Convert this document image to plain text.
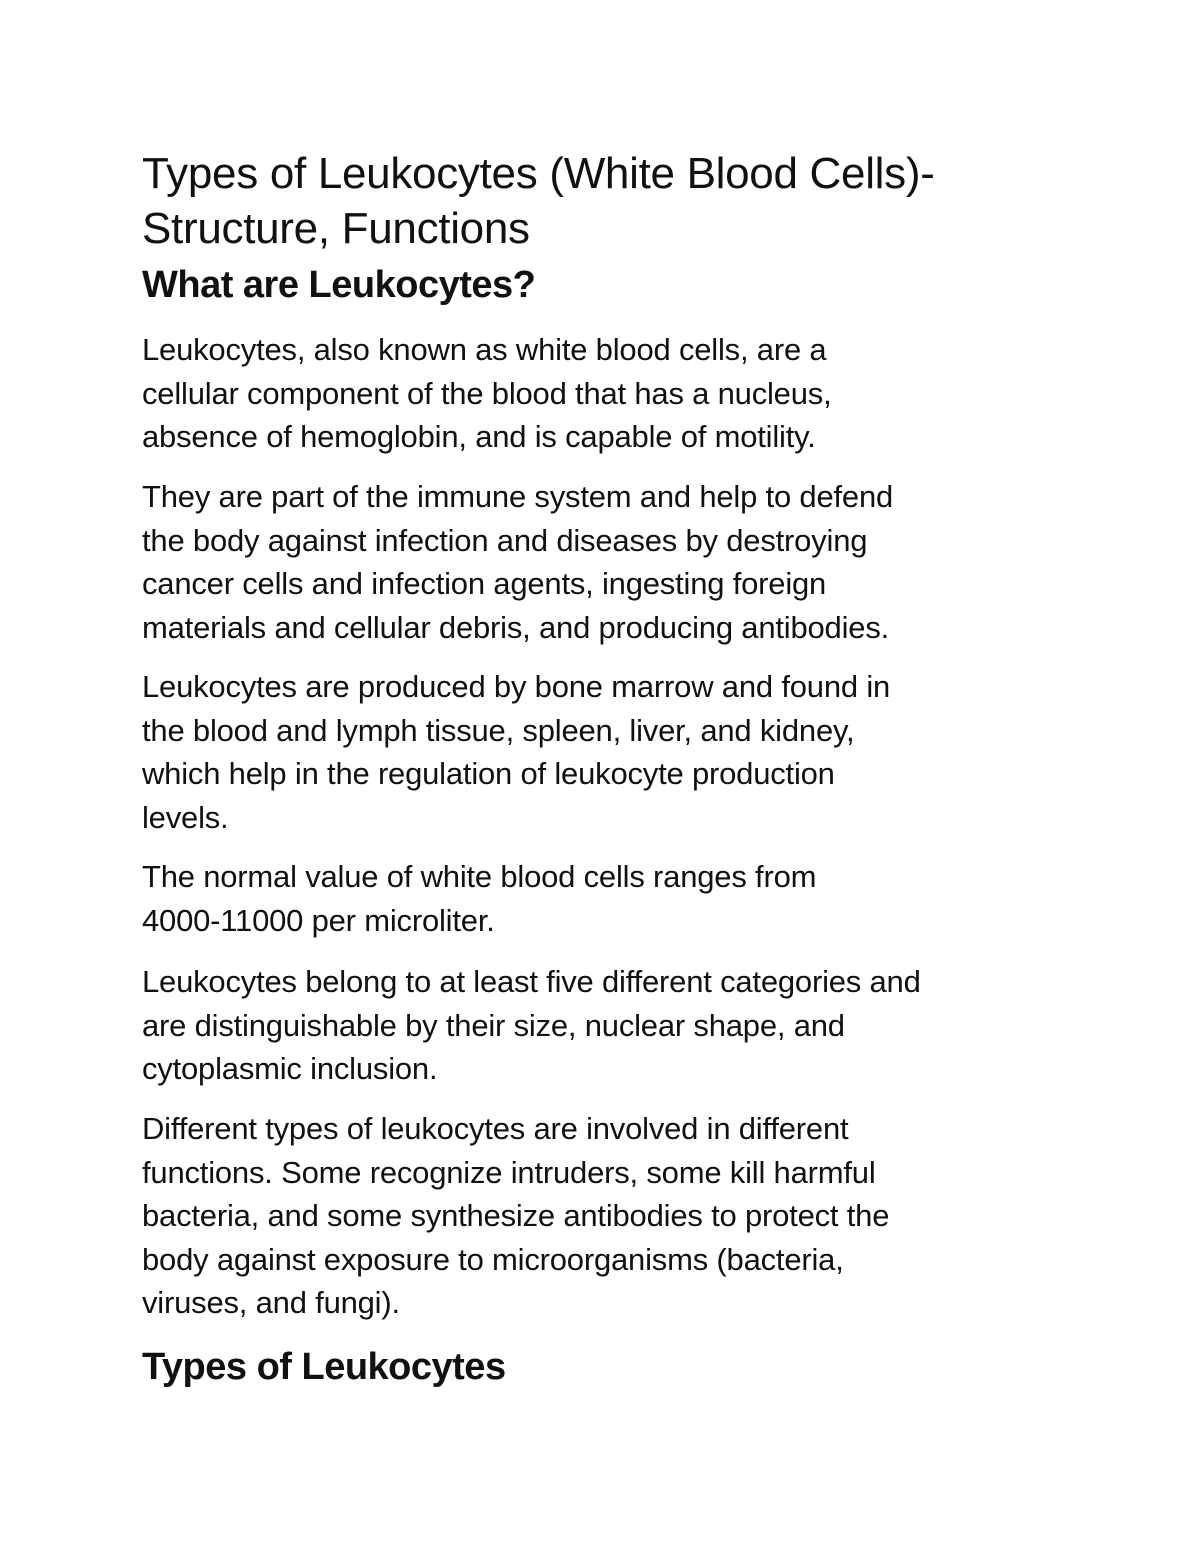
Types of Leukocytes (White Blood Cells)-
Structure, Functions
What are Leukocytes?

Leukocytes, also known as white blood cells, are a
cellular component of the blood that has a nucleus,
absence of hemoglobin, and is capable of motility.

They are part of the immune system and help to defend
the body against infection and diseases by destroying
cancer cells and infection agents, ingesting foreign
materials and cellular debris, and producing antibodies.

Leukocytes are produced by bone marrow and found in
the blood and lymph tissue, spleen, liver, and kidney,
which help in the regulation of leukocyte production
levels.

The normal value of white blood cells ranges from
4000-11000 per microliter.

Leukocytes belong to at least five different categories and
are distinguishable by their size, nuclear shape, and
cytoplasmic inclusion.

Different types of leukocytes are involved in different
functions. Some recognize intruders, some kill harmful
bacteria, and some synthesize antibodies to protect the
body against exposure to microorganisms (bacteria,
viruses, and fungi).

Types of Leukocytes
